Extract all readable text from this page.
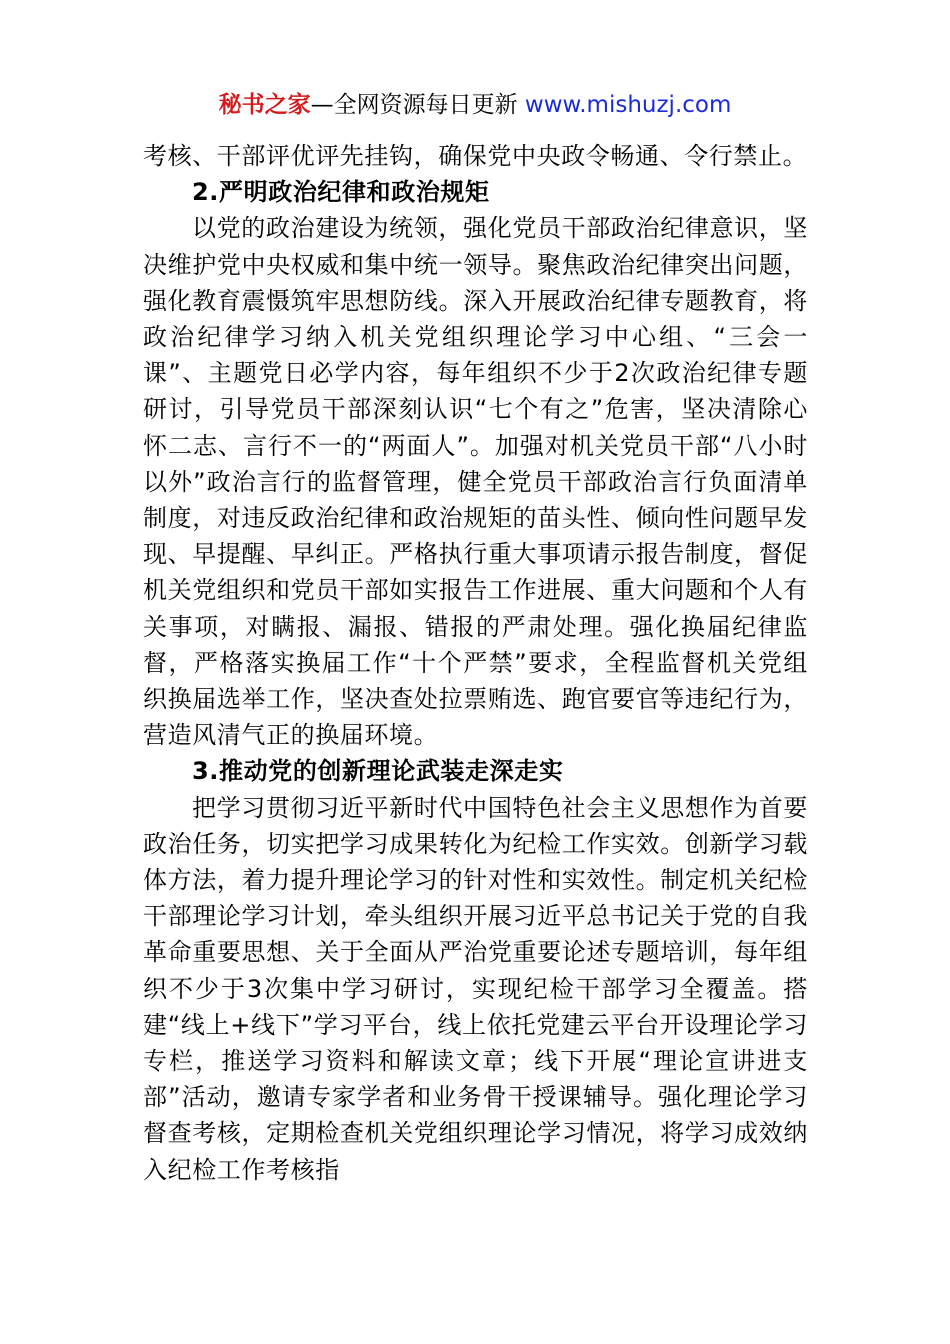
秘书之家—全网资源每日更新 www.mishuzj.com

考核、干部评优评先挂钩，确保党中央政令畅通、令行禁止。

2.严明政治纪律和政治规矩

以党的政治建设为统领，强化党员干部政治纪律意识，坚决维护党中央权威和集中统一领导。聚焦政治纪律突出问题，强化教育震慑筑牢思想防线。深入开展政治纪律专题教育，将政治纪律学习纳入机关党组织理论学习中心组、“三会一课”、主题党日必学内容，每年组织不少于2次政治纪律专题研讨，引导党员干部深刻认识“七个有之”危害，坚决清除心怀二志、言行不一的“两面人”。加强对机关党员干部“八小时以外”政治言行的监督管理，健全党员干部政治言行负面清单制度，对违反政治纪律和政治规矩的苗头性、倾向性问题早发现、早提醒、早纠正。严格执行重大事项请示报告制度，督促机关党组织和党员干部如实报告工作进展、重大问题和个人有关事项，对瞒报、漏报、错报的严肃处理。强化换届纪律监督，严格落实换届工作“十个严禁”要求，全程监督机关党组织换届选举工作，坚决查处拉票贿选、跑官要官等违纪行为，营造风清气正的换届环境。

3.推动党的创新理论武装走深走实

把学习贯彻习近平新时代中国特色社会主义思想作为首要政治任务，切实把学习成果转化为纪检工作实效。创新学习载体方法，着力提升理论学习的针对性和实效性。制定机关纪检干部理论学习计划，牵头组织开展习近平总书记关于党的自我革命重要思想、关于全面从严治党重要论述专题培训，每年组织不少于3次集中学习研讨，实现纪检干部学习全覆盖。搭建“线上+线下”学习平台，线上依托党建云平台开设理论学习专栏，推送学习资料和解读文章；线下开展“理论宣讲进支部”活动，邀请专家学者和业务骨干授课辅导。强化理论学习督查考核，定期检查机关党组织理论学习情况，将学习成效纳入纪检工作考核指
